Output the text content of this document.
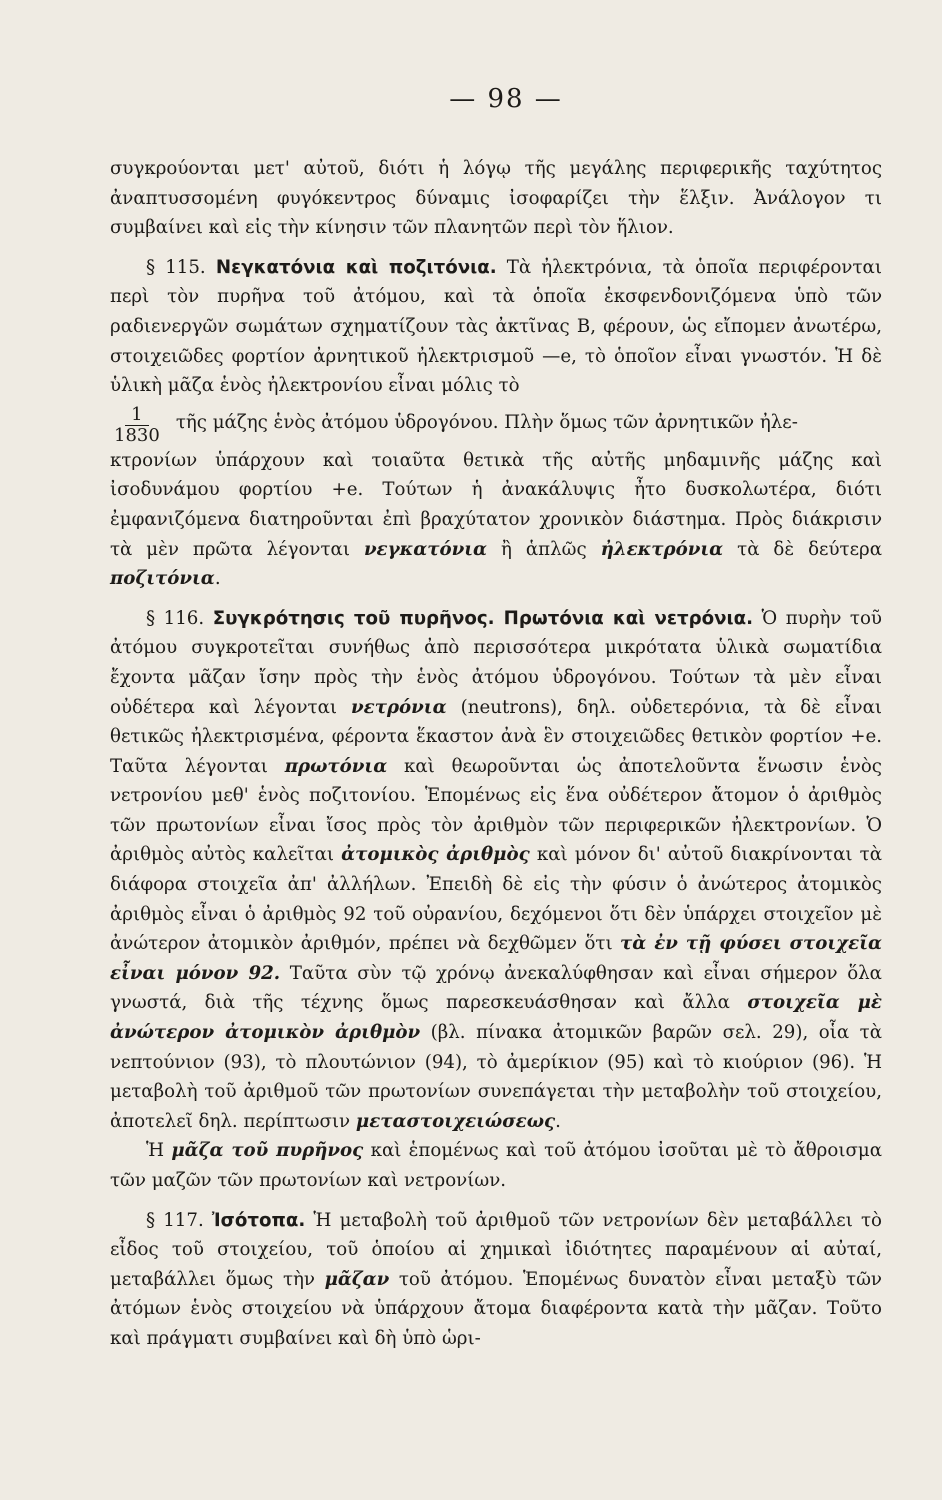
— 98 —

συγκρούονται μετ' αὐτοῦ, διότι ἡ λόγῳ τῆς μεγάλης περιφερικῆς ταχύτητος ἀναπτυσσομένη φυγόκεντρος δύναμις ἰσοφαρίζει τὴν ἕλξιν. Ἀνάλογον τι συμβαίνει καὶ εἰς τὴν κίνησιν τῶν πλανητῶν περὶ τὸν ἥλιον.

§ 115. Νεγκατόνια καὶ ποζιτόνια. Τὰ ἠλεκτρόνια, τὰ ὁποῖα περιφέρονται περὶ τὸν πυρῆνα τοῦ ἀτόμου, καὶ τὰ ὁποῖα ἐκσφενδονιζόμενα ὑπὸ τῶν ραδιενεργῶν σωμάτων σχηματίζουν τὰς ἀκτῖνας Β, φέρουν, ὡς εἴπομεν ἀνωτέρω, στοιχειῶδες φορτίον ἀρνητικοῦ ἠλεκτρισμοῦ —e, τὸ ὁποῖον εἶναι γνωστόν. Ἡ δὲ ὑλικὴ μᾶζα ἑνὸς ἠλεκτρονίου εἶναι μόλις τὸ

$\frac{1}{1830}$ τῆς μάζης ἑνὸς ἀτόμου ὑδρογόνου. Πλὴν ὅμως τῶν ἀρνητικῶν ἠλε-

κτρονίων ὑπάρχουν καὶ τοιαῦτα θετικὰ τῆς αὐτῆς μηδαμινῆς μάζης καὶ ἰσοδυνάμου φορτίου +e. Τούτων ἡ ἀνακάλυψις ἦτο δυσκολωτέρα, διότι ἐμφανιζόμενα διατηροῦνται ἐπὶ βραχύτατον χρονικὸν διάστημα. Πρὸς διάκρισιν τὰ μὲν πρῶτα λέγονται νεγκατόνια ἢ ἁπλῶς ἠλεκτρόνια τὰ δὲ δεύτερα ποζιτόνια.

§ 116. Συγκρότησις τοῦ πυρῆνος. Πρωτόνια καὶ νετρόνια. Ὁ πυρὴν τοῦ ἀτόμου συγκροτεῖται συνήθως ἀπὸ περισσότερα μικρότατα ὑλικὰ σωματίδια ἔχοντα μᾶζαν ἴσην πρὸς τὴν ἑνὸς ἀτόμου ὑδρογόνου. Τούτων τὰ μὲν εἶναι οὐδέτερα καὶ λέγονται νετρόνια (neutrons), δηλ. οὐδετερόνια, τὰ δὲ εἶναι θετικῶς ἠλεκτρισμένα, φέροντα ἕκαστον ἀνὰ ἓν στοιχειῶδες θετικὸν φορτίον +e. Ταῦτα λέγονται πρωτόνια καὶ θεωροῦνται ὡς ἀποτελοῦντα ἕνωσιν ἑνὸς νετρονίου μεθ' ἑνὸς ποζιτονίου. Ἑπομένως εἰς ἕνα οὐδέτερον ἄτομον ὁ ἀριθμὸς τῶν πρωτονίων εἶναι ἴσος πρὸς τὸν ἀριθμὸν τῶν περιφερικῶν ἠλεκτρονίων. Ὁ ἀριθμὸς αὐτὸς καλεῖται ἀτομικὸς ἀριθμὸς καὶ μόνον δι' αὐτοῦ διακρίνονται τὰ διάφορα στοιχεῖα ἀπ' ἀλλήλων. Ἐπειδὴ δὲ εἰς τὴν φύσιν ὁ ἀνώτερος ἀτομικὸς ἀριθμὸς εἶναι ὁ ἀριθμὸς 92 τοῦ οὐρανίου, δεχόμενοι ὅτι δὲν ὑπάρχει στοιχεῖον μὲ ἀνώτερον ἀτομικὸν ἀριθμόν, πρέπει νὰ δεχθῶμεν ὅτι τὰ ἐν τῇ φύσει στοιχεῖα εἶναι μόνον 92. Ταῦτα σὺν τῷ χρόνῳ ἀνεκαλύφθησαν καὶ εἶναι σήμερον ὅλα γνωστά, διὰ τῆς τέχνης ὅμως παρεσκευάσθησαν καὶ ἄλλα στοιχεῖα μὲ ἀνώτερον ἀτομικὸν ἀριθμὸν (βλ. πίνακα ἀτομικῶν βαρῶν σελ. 29), οἷα τὰ νεπτούνιον (93), τὸ πλουτώνιον (94), τὸ ἀμερίκιον (95) καὶ τὸ κιούριον (96). Ἡ μεταβολὴ τοῦ ἀριθμοῦ τῶν πρωτονίων συνεπάγεται τὴν μεταβολὴν τοῦ στοιχείου, ἀποτελεῖ δηλ. περίπτωσιν μεταστοιχειώσεως.

Ἡ μᾶζα τοῦ πυρῆνος καὶ ἑπομένως καὶ τοῦ ἀτόμου ἰσοῦται μὲ τὸ ἄθροισμα τῶν μαζῶν τῶν πρωτονίων καὶ νετρονίων.

§ 117. Ἰσότοπα. Ἡ μεταβολὴ τοῦ ἀριθμοῦ τῶν νετρονίων δὲν μεταβάλλει τὸ εἶδος τοῦ στοιχείου, τοῦ ὁποίου αἱ χημικαὶ ἰδιότητες παραμένουν αἱ αὐταί, μεταβάλλει ὅμως τὴν μᾶζαν τοῦ ἀτόμου. Ἑπομένως δυνατὸν εἶναι μεταξὺ τῶν ἀτόμων ἑνὸς στοιχείου νὰ ὑπάρχουν ἄτομα διαφέροντα κατὰ τὴν μᾶζαν. Τοῦτο καὶ πράγματι συμβαίνει καὶ δὴ ὑπὸ ὡρι-
